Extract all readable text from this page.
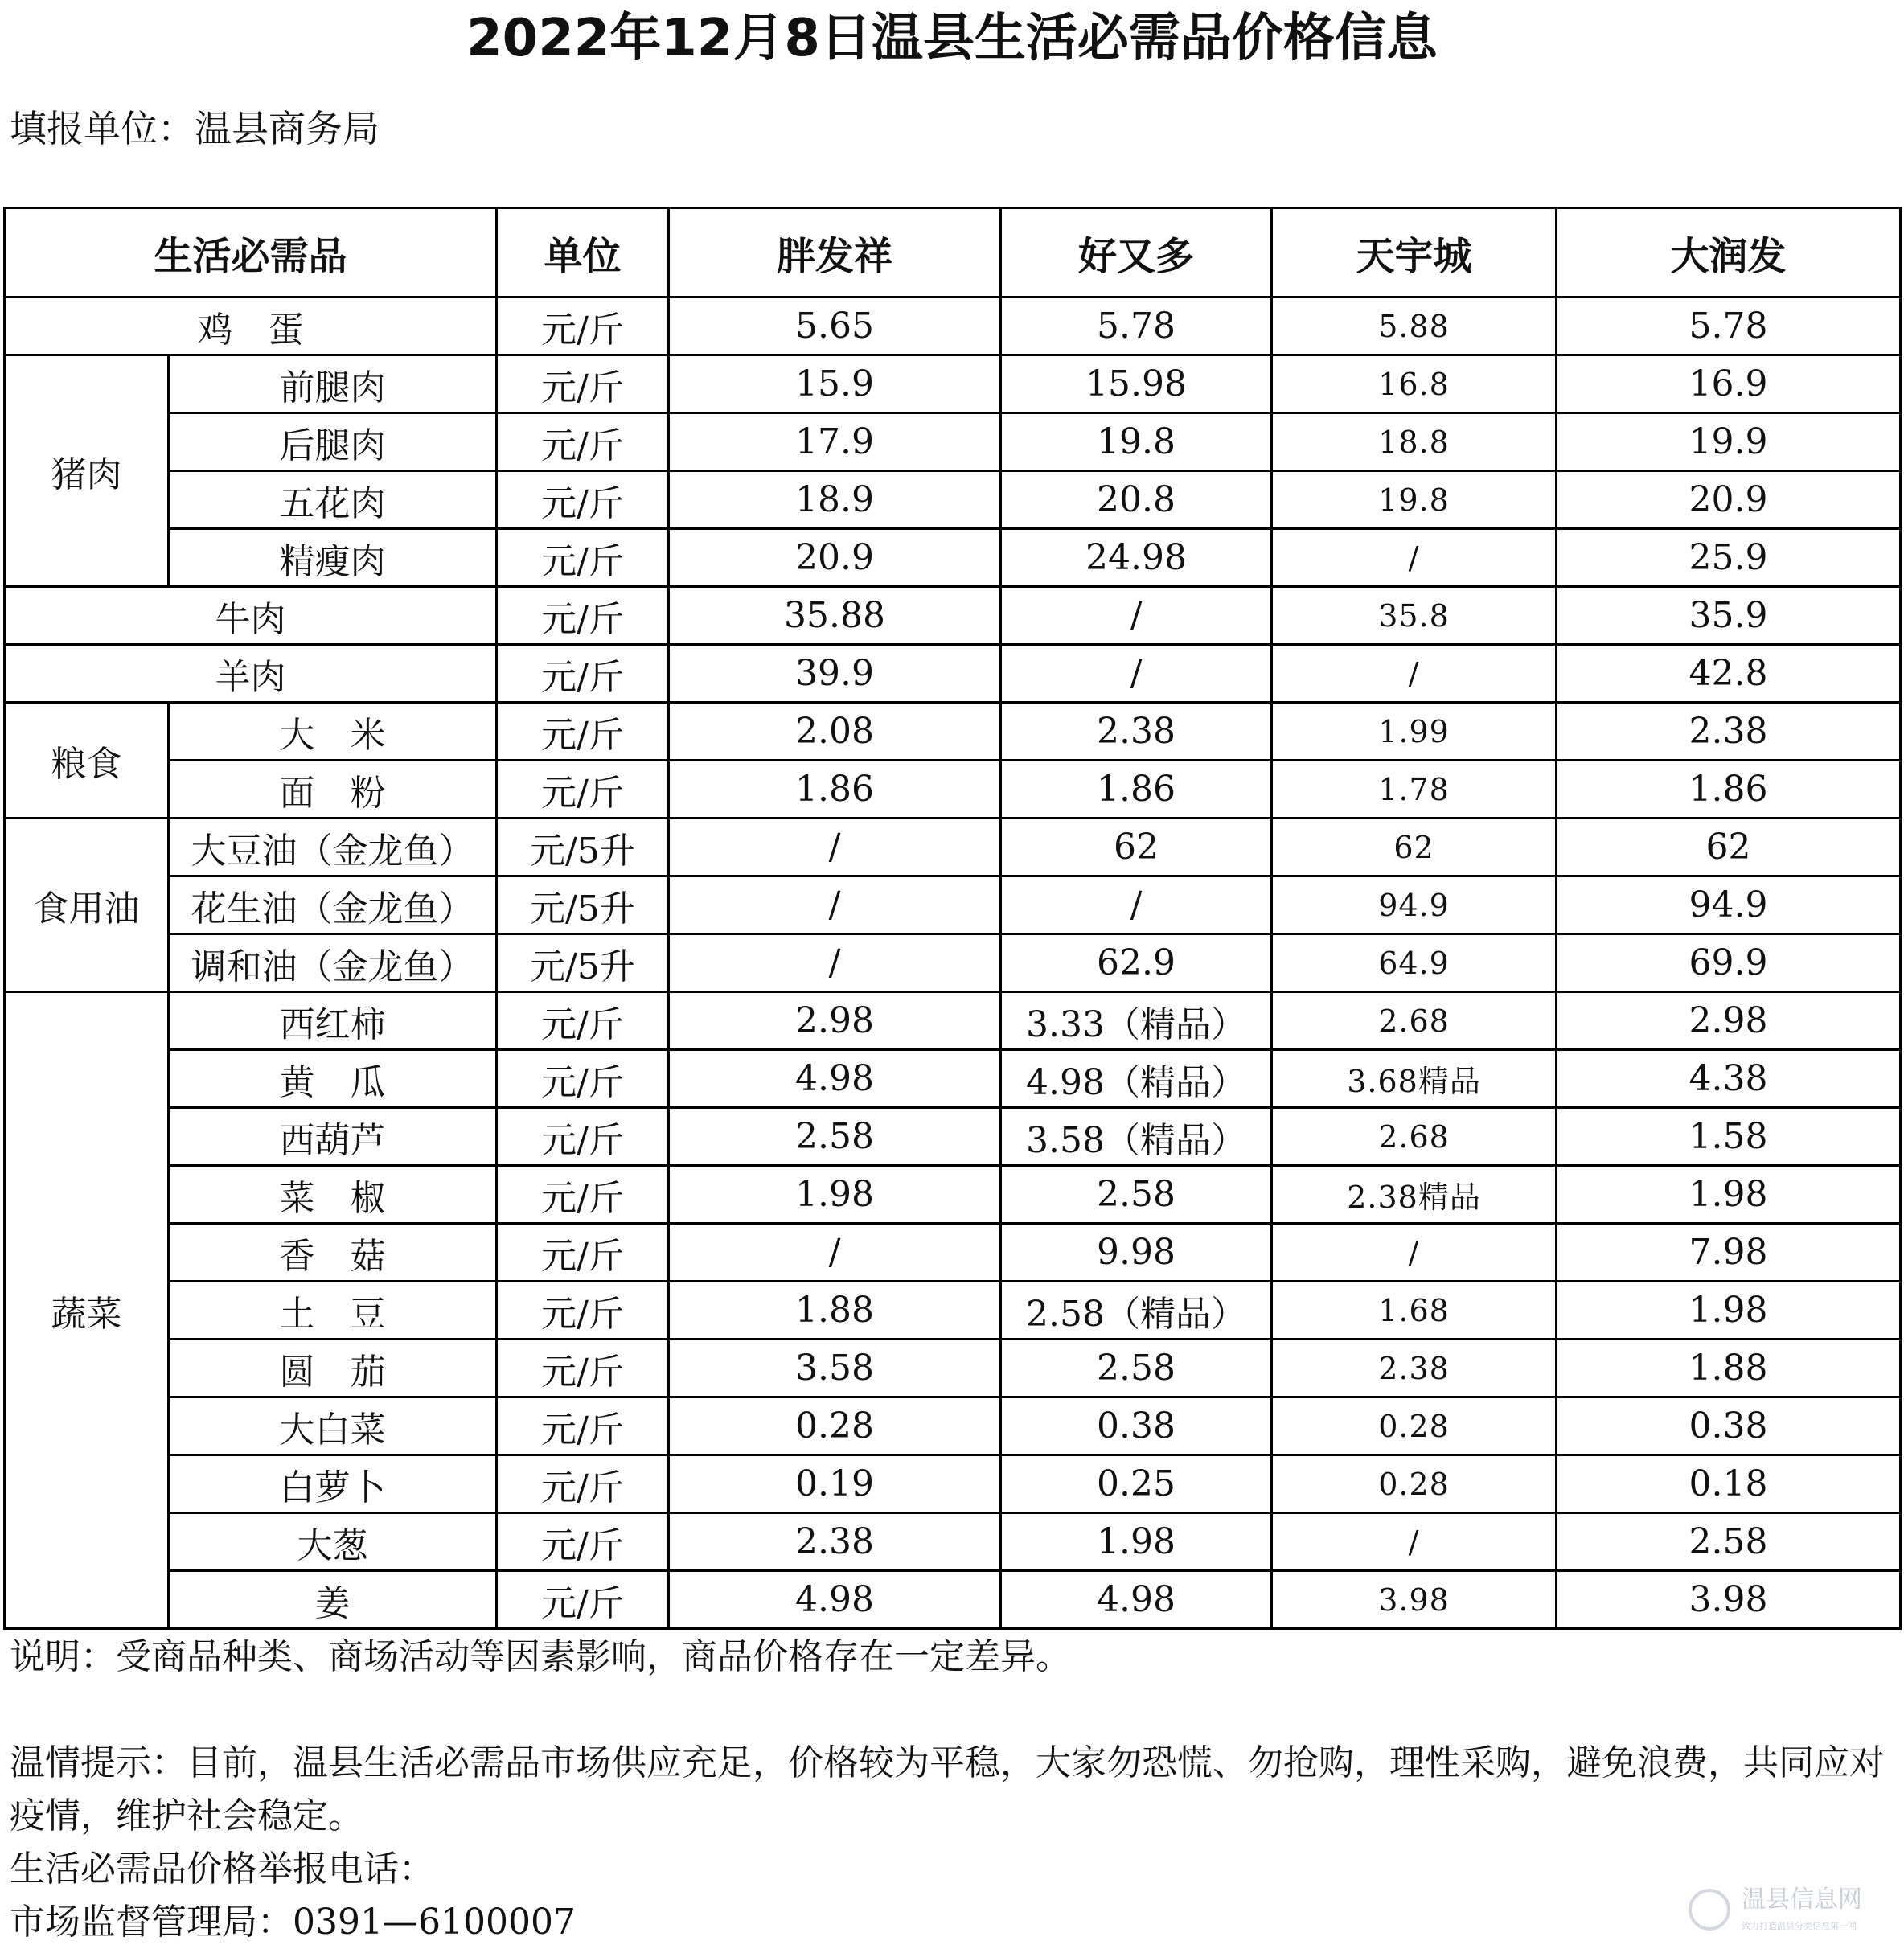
2022年12月8日温县生活必需品价格信息
填报单位：温县商务局
生活必需品		单位	胖发祥	好又多	天宇城	大润发
鸡　蛋		元/斤	5.65	5.78	5.88	5.78
猪肉	前腿肉	元/斤	15.9	15.98	16.8	16.9
	后腿肉	元/斤	17.9	19.8	18.8	19.9
	五花肉	元/斤	18.9	20.8	19.8	20.9
	精瘦肉	元/斤	20.9	24.98	/	25.9
牛肉		元/斤	35.88	/	35.8	35.9
羊肉		元/斤	39.9	/	/	42.8
粮食	大　米	元/斤	2.08	2.38	1.99	2.38
	面　粉	元/斤	1.86	1.86	1.78	1.86
食用油	大豆油（金龙鱼）	元/5升	/	62	62	62
	花生油（金龙鱼）	元/5升	/	/	94.9	94.9
	调和油（金龙鱼）	元/5升	/	62.9	64.9	69.9
蔬菜	西红柿	元/斤	2.98	3.33（精品）	2.68	2.98
	黄　瓜	元/斤	4.98	4.98（精品）	3.68精品	4.38
	西葫芦	元/斤	2.58	3.58（精品）	2.68	1.58
	菜　椒	元/斤	1.98	2.58	2.38精品	1.98
	香　菇	元/斤	/	9.98	/	7.98
	土　豆	元/斤	1.88	2.58（精品）	1.68	1.98
	圆　茄	元/斤	3.58	2.58	2.38	1.88
	大白菜	元/斤	0.28	0.38	0.28	0.38
	白萝卜	元/斤	0.19	0.25	0.28	0.18
	大葱	元/斤	2.38	1.98	/	2.58
	姜	元/斤	4.98	4.98	3.98	3.98
说明：受商品种类、商场活动等因素影响，商品价格存在一定差异。
温情提示：目前，温县生活必需品市场供应充足，价格较为平稳，大家勿恐慌、勿抢购，理性采购，避免浪费，共同应对疫情，维护社会稳定。
生活必需品价格举报电话：
市场监督管理局：0391—6100007
温县信息网
致力打造温县分类信息第一网
